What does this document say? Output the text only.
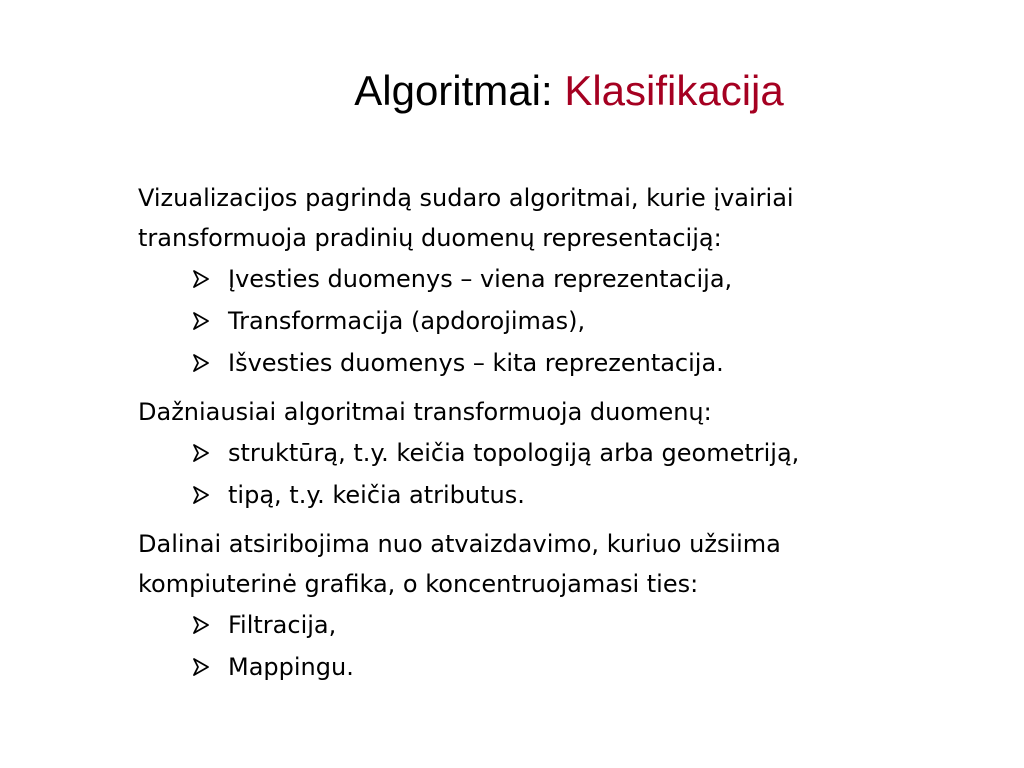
Algoritmai: Klasifikacija

Vizualizacijos pagrindą sudaro algoritmai, kurie įvairiai transformuoja pradinių duomenų representaciją:

Įvesties duomenys – viena reprezentacija,
Transformacija (apdorojimas),
Išvesties duomenys – kita reprezentacija.

Dažniausiai algoritmai transformuoja duomenų:

struktūrą, t.y. keičia topologiją arba geometriją,
tipą, t.y. keičia atributus.

Dalinai atsiribojima nuo atvaizdavimo, kuriuo užsiima kompiuterinė grafika, o koncentruojamasi ties:

Filtracija,
Mappingu.
